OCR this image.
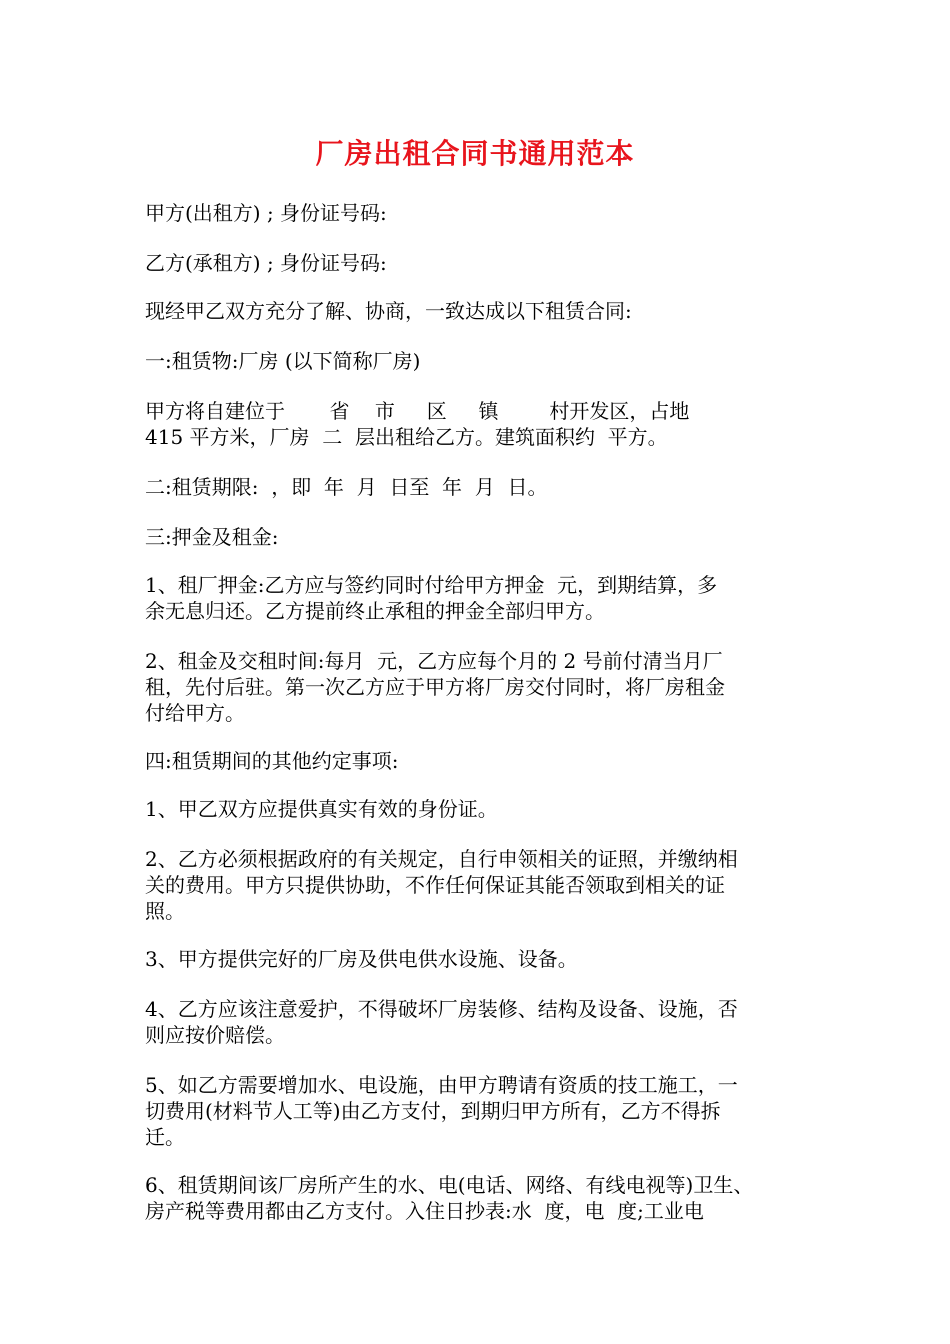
厂房出租合同书通用范本
甲方(出租方) ; 身份证号码:
乙方(承租方) ; 身份证号码:
现经甲乙双方充分了解、协商，一致达成以下租赁合同:
一:租赁物:厂房 (以下简称厂房)
甲方将自建位于       省    市     区     镇        村开发区，占地
415 平方米，厂房  二  层出租给乙方。建筑面积约  平方。
二:租赁期限:  ，即  年  月  日至  年  月  日。
三:押金及租金:
1、租厂押金:乙方应与签约同时付给甲方押金  元，到期结算，多
余无息归还。乙方提前终止承租的押金全部归甲方。
2、租金及交租时间:每月  元，乙方应每个月的 2 号前付清当月厂
租，先付后驻。第一次乙方应于甲方将厂房交付同时，将厂房租金
付给甲方。
四:租赁期间的其他约定事项:
1、甲乙双方应提供真实有效的身份证。
2、乙方必须根据政府的有关规定，自行申领相关的证照，并缴纳相
关的费用。甲方只提供协助，不作任何保证其能否领取到相关的证
照。
3、甲方提供完好的厂房及供电供水设施、设备。
4、乙方应该注意爱护，不得破坏厂房装修、结构及设备、设施，否
则应按价赔偿。
5、如乙方需要增加水、电设施，由甲方聘请有资质的技工施工，一
切费用(材料节人工等)由乙方支付，到期归甲方所有，乙方不得拆
迁。
6、租赁期间该厂房所产生的水、电(电话、网络、有线电视等)卫生、
房产税等费用都由乙方支付。入住日抄表:水  度，电  度;工业电
